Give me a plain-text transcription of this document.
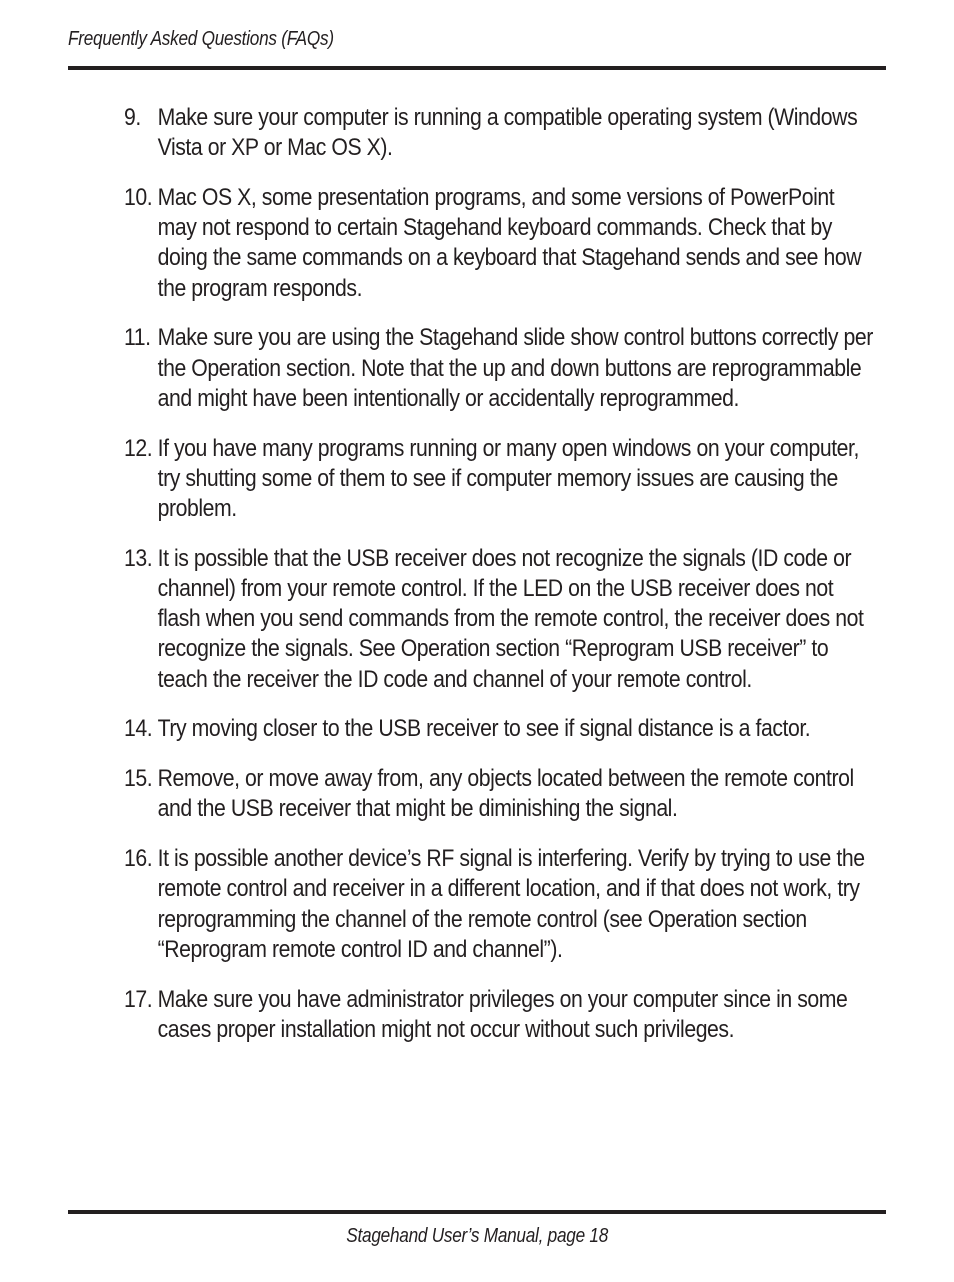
Frequently Asked Questions (FAQs)
9. Make sure your computer is running a compatible operating system (Windows Vista or XP or Mac OS X).
10. Mac OS X, some presentation programs, and some versions of PowerPoint may not respond to certain Stagehand keyboard commands. Check that by doing the same commands on a keyboard that Stagehand sends and see how the program responds.
11. Make sure you are using the Stagehand slide show control buttons correctly per the Operation section. Note that the up and down buttons are reprogrammable and might have been intentionally or accidentally reprogrammed.
12. If you have many programs running or many open windows on your computer, try shutting some of them to see if computer memory issues are causing the problem.
13. It is possible that the USB receiver does not recognize the signals (ID code or channel) from your remote control. If the LED on the USB receiver does not flash when you send commands from the remote control, the receiver does not recognize the signals. See Operation section “Reprogram USB receiver” to teach the receiver the ID code and channel of your remote control.
14. Try moving closer to the USB receiver to see if signal distance is a factor.
15. Remove, or move away from, any objects located between the remote control and the USB receiver that might be diminishing the signal.
16. It is possible another device’s RF signal is interfering. Verify by trying to use the remote control and receiver in a different location, and if that does not work, try reprogramming the channel of the remote control (see Operation section “Reprogram remote control ID and channel”).
17. Make sure you have administrator privileges on your computer since in some cases proper installation might not occur without such privileges.
Stagehand User’s Manual, page 18
